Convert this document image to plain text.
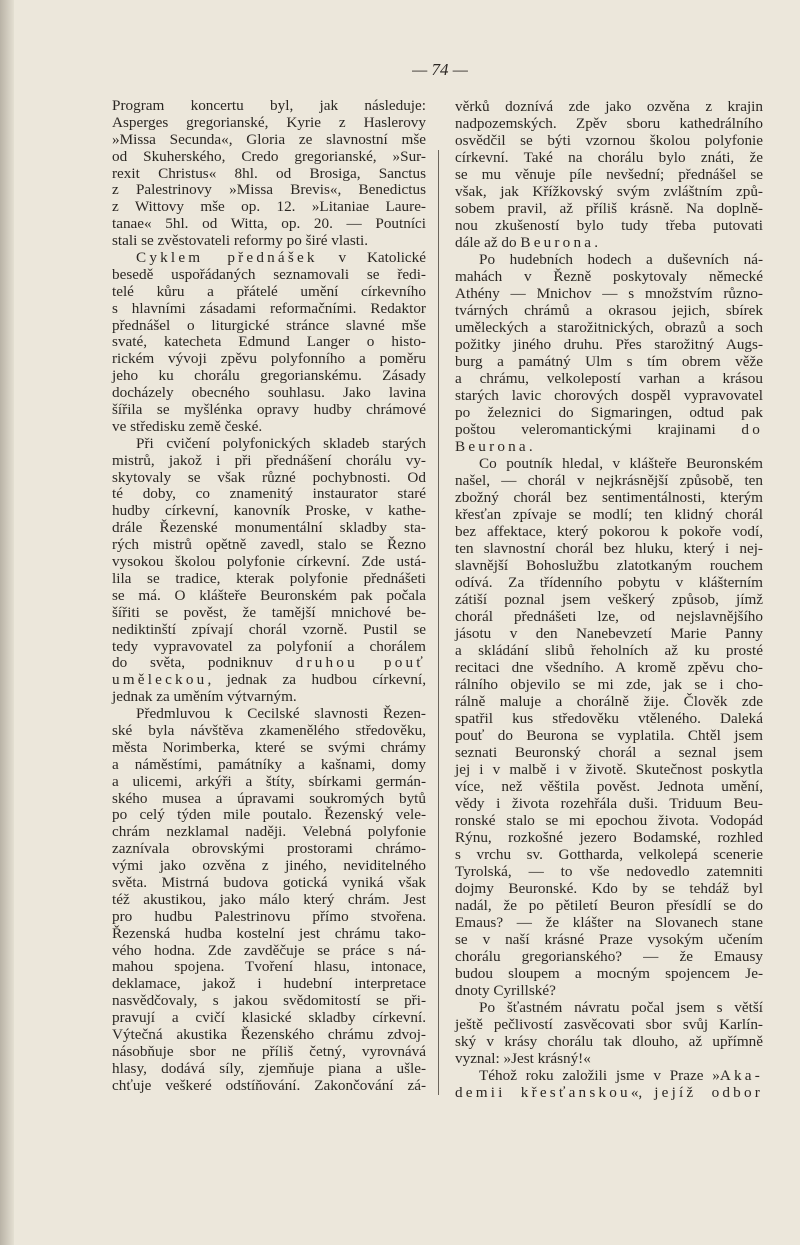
— 74 —
Program koncertu byl, jak následuje:
Asperges gregorianské, Kyrie z Haslerovy
»Missa Secunda«, Gloria ze slavnostní mše
od Skuherského, Credo gregorianské, »Sur-
rexit Christus« 8hl. od Brosiga, Sanctus
z Palestrinovy »Missa Brevis«, Benedictus
z Wittovy mše op. 12. »Litaniae Laure-
tanae« 5hl. od Witta, op. 20. — Poutníci
stali se zvěstovateli reformy po širé vlasti.
Cyklem přednášek v Katolické
besedě uspořádaných seznamovali se ředi-
telé kůru a přátelé umění církevního
s hlavními zásadami reformačními. Redaktor
přednášel o liturgické stránce slavné mše
svaté, katecheta Edmund Langer o histo-
rickém vývoji zpěvu polyfonního a poměru
jeho ku chorálu gregorianskému. Zásady
docházely obecného souhlasu. Jako lavina
šířila se myšlénka opravy hudby chrámové
ve středisku země české.
Při cvičení polyfonických skladeb starých
mistrů, jakož i při přednášení chorálu vy-
skytovaly se však různé pochybnosti. Od
té doby, co znamenitý instaurator staré
hudby církevní, kanovník Proske, v kathe-
drále Řezenské monumentální skladby sta-
rých mistrů opětně zavedl, stalo se Řezno
vysokou školou polyfonie církevní. Zde ustá-
lila se tradice, kterak polyfonie přednášeti
se má. O klášteře Beuronském pak počala
šířiti se pověst, že tamější mnichové be-
nediktinští zpívají chorál vzorně. Pustil se
tedy vypravovatel za polyfonií a chorálem
do světa, podniknuv druhou pouť
uměleckou, jednak za hudbou církevní,
jednak za uměním výtvarným.
Předmluvou k Cecilské slavnosti Řezen-
ské byla návštěva zkamenělého středověku,
města Norimberka, které se svými chrámy
a náměstími, památníky a kašnami, domy
a ulicemi, arkýři a štíty, sbírkami germán-
ského musea a úpravami soukromých bytů
po celý týden mile poutalo. Řezenský vele-
chrám nezklamal naději. Velebná polyfonie
zaznívala obrovskými prostorami chrámo-
vými jako ozvěna z jiného, neviditelného
světa. Mistrná budova gotická vyniká však
též akustikou, jako málo který chrám. Jest
pro hudbu Palestrinovu přímo stvořena.
Řezenská hudba kostelní jest chrámu tako-
vého hodna. Zde zavděčuje se práce s ná-
mahou spojena. Tvoření hlasu, intonace,
deklamace, jakož i hudební interpretace
nasvědčovaly, s jakou svědomitostí se při-
pravují a cvičí klasické skladby církevní.
Výtečná akustika Řezenského chrámu zdvoj-
násobňuje sbor ne příliš četný, vyrovnává
hlasy, dodává síly, zjemňuje piana a ušle-
chťuje veškeré odstíňování. Zakončování zá-
věrků doznívá zde jako ozvěna z krajin
nadpozemských. Zpěv sboru kathedrálního
osvědčil se býti vzornou školou polyfonie
církevní. Také na chorálu bylo znáti, že
se mu věnuje píle nevšední; přednášel se
však, jak Křížkovský svým zvláštním způ-
sobem pravil, až příliš krásně. Na doplně-
nou zkušeností bylo tudy třeba putovati
dále až do Beurona.
Po hudebních hodech a duševních ná-
mahách v Řezně poskytovaly německé
Athény — Mnichov — s množstvím různo-
tvárných chrámů a okrasou jejich, sbírek
uměleckých a starožitnických, obrazů a soch
požitky jiného druhu. Přes starožitný Augs-
burg a památný Ulm s tím obrem věže
a chrámu, velkolepostí varhan a krásou
starých lavic chorových dospěl vypravovatel
po železnici do Sigmaringen, odtud pak
poštou veleromantickými krajinami do
Beurona.
Co poutník hledal, v klášteře Beuronském
našel, — chorál v nejkrásnější způsobě, ten
zbožný chorál bez sentimentálnosti, kterým
křesťan zpívaje se modlí; ten klidný chorál
bez affektace, který pokorou k pokoře vodí,
ten slavnostní chorál bez hluku, který i nej-
slavnější Bohoslužbu zlatotkaným rouchem
odívá. Za třídenního pobytu v klášterním
zátiší poznal jsem veškerý způsob, jímž
chorál přednášeti lze, od nejslavnějšího
jásotu v den Nanebevzetí Marie Panny
a skládání slibů řeholních až ku prosté
recitaci dne všedního. A kromě zpěvu cho-
rálního objevilo se mi zde, jak se i cho-
rálně maluje a chorálně žije. Člověk zde
spatřil kus středověku vtěleného. Daleká
pouť do Beurona se vyplatila. Chtěl jsem
seznati Beuronský chorál a seznal jsem
jej i v malbě i v životě. Skutečnost poskytla
více, než věštila pověst. Jednota umění,
vědy i života rozehřála duši. Triduum Beu-
ronské stalo se mi epochou života. Vodopád
Rýnu, rozkošné jezero Bodamské, rozhled
s vrchu sv. Gottharda, velkolepá scenerie
Tyrolská, — to vše nedovedlo zatemniti
dojmy Beuronské. Kdo by se tehdáž byl
nadál, že po pětiletí Beuron přesídlí se do
Emaus? — že klášter na Slovanech stane
se v naší krásné Praze vysokým učením
chorálu gregorianského? — že Emausy
budou sloupem a mocným spojencem Je-
dnoty Cyrillské?
Po šťastném návratu počal jsem s větší
ještě pečlivostí zasvěcovati sbor svůj Karlín-
ský v krásy chorálu tak dlouho, až upřímně
vyznal: »Jest krásný!«
Téhož roku založili jsme v Praze »Aka-
demii křesťanskou«, jejíž odbor
